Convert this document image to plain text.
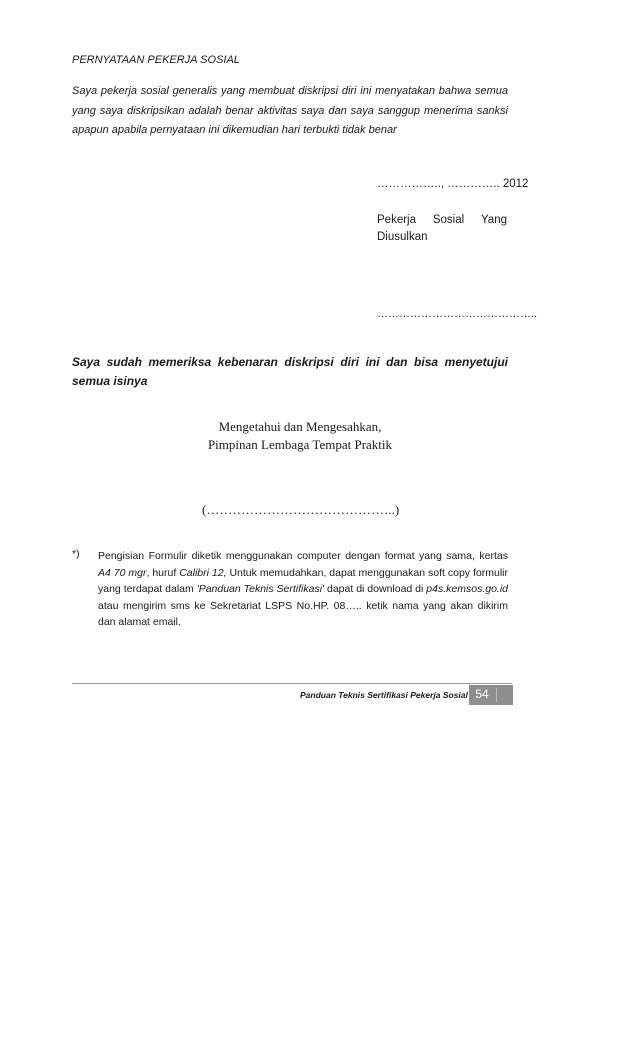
PERNYATAAN PEKERJA SOSIAL
Saya pekerja sosial generalis yang membuat diskripsi diri ini menyatakan bahwa semua yang saya diskripsikan adalah benar aktivitas saya dan saya sanggup menerima sanksi apapun apabila pernyataan ini dikemudian hari terbukti tidak benar
…………….., ………….. 2012
Pekerja Sosial Yang
Diusulkan
……………………………………..
Saya sudah memeriksa kebenaran diskripsi diri ini dan bisa menyetujui semua isinya
Mengetahui dan Mengesahkan,
Pimpinan Lembaga Tempat Praktik
(……………………………………..)
*) Pengisian Formulir diketik menggunakan computer dengan format yang sama, kertas A4 70 mgr, huruf Calibri 12, Untuk memudahkan, dapat menggunakan soft copy formulir yang terdapat dalam 'Panduan Teknis Sertifikasi' dapat di download di p4s.kemsos.go.id atau mengirim sms ke Sekretariat LSPS No.HP. 08….. ketik nama yang akan dikirim dan alamat email.
Panduan Teknis Sertifikasi Pekerja Sosial 54
